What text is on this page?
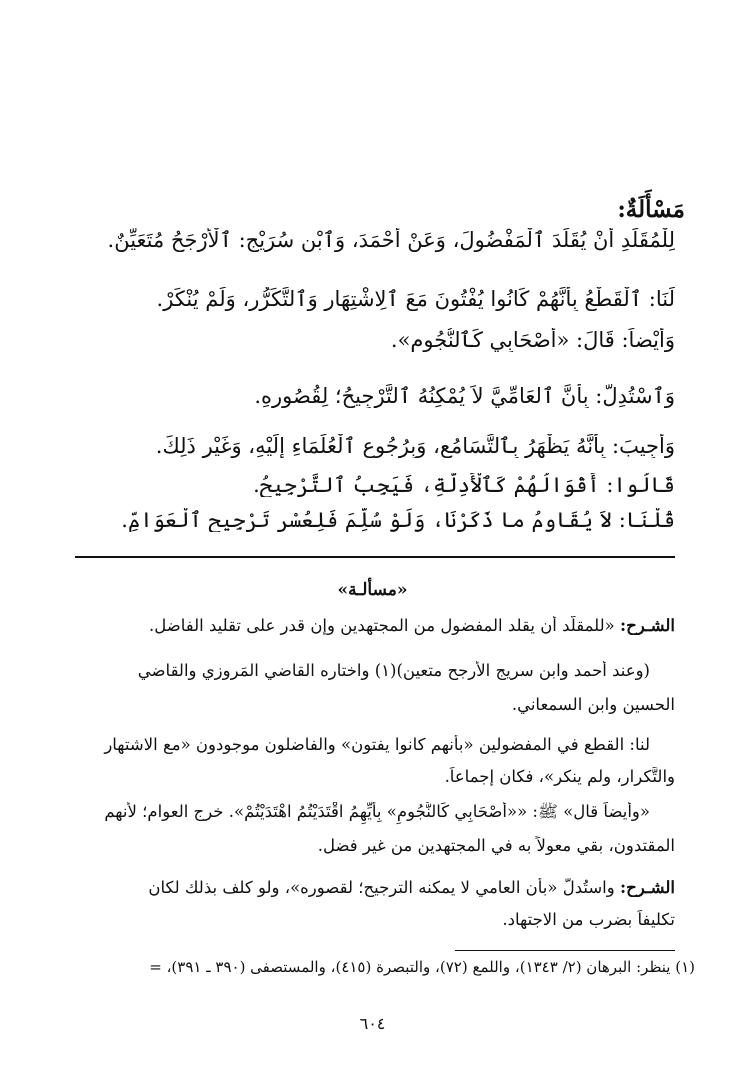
مَسْأَلَةٌ:
لِلْمُقَلِّدِ أَنْ يُقَلِّدَ ٱلْمَفْضُولَ، وَعَنْ أَحْمَدَ، وَٱبْنِ سُرَيْجٍ: ٱلْأَرْجَحُ مُتَعَيِّنٌ.
لَنَا: ٱلْقَطْعُ بِأَنَّهُمْ كَانُوا يُفْتُونَ مَعَ ٱلِاشْتِهَارِ وَٱلتَّكَرُّرِ، وَلَمْ يُنْكَرْ.
وَأَيْضاً: قَالَ: «أَصْحَابِي كَٱلنُّجُومِ».
وَٱسْتُدِلَّ: بِأَنَّ ٱلعَامِّيَّ لاَ يُمْكِنُهُ ٱلتَّرْجِيحُ؛ لِقُصُورِهِ.
وَأُجِيبَ: بِأَنَّهُ يَظْهَرُ بِٱلتَّسَامُعِ، وَبِرُجُوعِ ٱلْعُلَمَاءِ إِلَيْهِ، وَغَيْرِ ذَلِكَ.
قَالُوا: أَقْوَالُهُمْ كَٱلْأَدِلَّةِ، فَيَجِبُ ٱلتَّرْجِيحُ.
قُلْنَا: لاَ يُقَاوِمُ ما ذَكَرْنَا، وَلَوْ سُلِّمَ فَلِعُسْرِ تَرْجِيحِ ٱلْعَوَامِّ.
«مسألـة»
الشـرح: «للمقلّد أن يقلد المفضول من المجتهدين وإن قدر على تقليد الفاضل.
(وعند أحمد وابن سريج الأرجح متعين)(١) واختاره القاضي المَروزي والقاضي
الحسين وابن السمعاني.
لنا: القطع في المفضولين «بأنهم كانوا يفتون» والفاضلون موجودون «مع الاشتهار
والتَّكرار، ولم ينكر»، فكان إجماعاً.
«وأيضاً قال» ﷺ: ««أَصْحَابِي كَالنُّجُومِ» بِأَيِّهِمُ اقْتَدَيْتُمُ اهْتَدَيْتُمْ». خرج العوام؛ لأنهم
المقتدون، بقي معولاً به في المجتهدين من غير فضل.
الشـرح: واستُدلّ «بأن العامي لا يمكنه الترجيح؛ لقصوره»، ولو كلف بذلك لكان
تكليفاً بضرب من الاجتهاد.
(١) ينظر: البرهان (٢/ ١٣٤٣)، واللمع (٧٢)، والتبصرة (٤١٥)، والمستصفى (٣٩٠ ـ ٣٩١)، =
٦٠٤
